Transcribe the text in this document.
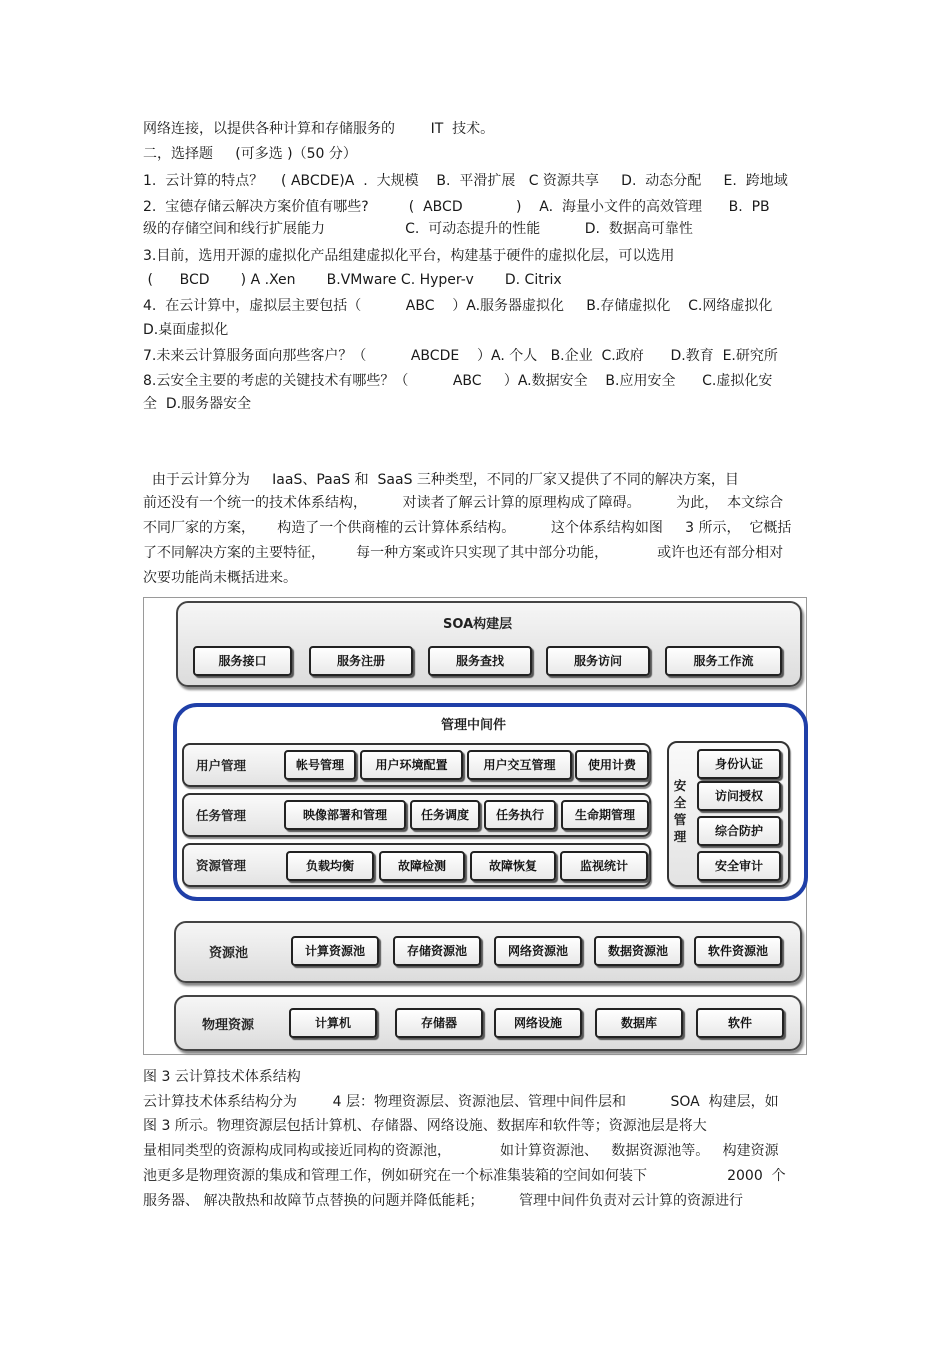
网络连接，以提供各种计算和存储服务的        IT  技术。
二，选择题     (可多选 )（50 分）
1.  云计算的特点？    ( ABCDE)A  .  大规模    B.  平滑扩展   C 资源共享     D.  动态分配     E.  跨地域
2.  宝德存储云解决方案价值有哪些?         (  ABCD            )    A.  海量小文件的高效管理      B.  PB
级的存储空间和线行扩展能力                  C.  可动态提升的性能          D.  数据高可靠性
3.目前，选用开源的虚拟化产品组建虚拟化平台，构建基于硬件的虚拟化层，可以选用
(      BCD       ) A .Xen       B.VMware C. Hyper-v       D. Citrix
4.  在云计算中，虚拟层主要包括（          ABC    ）A.服务器虚拟化     B.存储虚拟化    C.网络虚拟化
D.桌面虚拟化
7.未来云计算服务面向那些客户？（          ABCDE    ）A. 个人   B.企业  C.政府      D.教育  E.研究所
8.云安全主要的考虑的关键技术有哪些？（          ABC     ）A.数据安全    B.应用安全      C.虚拟化安
全  D.服务器安全
由于云计算分为     IaaS、PaaS 和  SaaS 三种类型，不同的厂家又提供了不同的解决方案，目
前还没有一个统一的技术体系结构，        对读者了解云计算的原理构成了障碍。        为此，  本文综合
不同厂家的方案，     构造了一个供商榷的云计算体系结构。        这个体系结构如图     3 所示，  它概括
了不同解决方案的主要特征，       每一种方案或许只实现了其中部分功能，           或许也还有部分相对
次要功能尚未概括进来。
SOA构建层
服务接口	服务注册	服务查找	服务访问	服务工作流
管理中间件
用户管理	帐号管理	用户环境配置	用户交互管理	使用计费
任务管理	映像部署和管理	任务调度	任务执行	生命期管理
资源管理	负载均衡	故障检测	故障恢复	监视统计
安
全
管
理
身份认证
访问授权
综合防护
安全审计
资源池	计算资源池	存储资源池	网络资源池	数据资源池	软件资源池
物理资源	计算机	存储器	网络设施	数据库	软件
图 3 云计算技术体系结构
云计算技术体系结构分为        4 层：物理资源层、资源池层、管理中间件层和          SOA  构建层，如
图 3 所示。物理资源层包括计算机、存储器、网络设施、数据库和软件等；资源池层是将大
量相同类型的资源构成同构或接近同构的资源池，           如计算资源池、   数据资源池等。   构建资源
池更多是物理资源的集成和管理工作，例如研究在一个标准集装箱的空间如何装下                  2000  个
服务器、 解决散热和故障节点替换的问题并降低能耗；        管理中间件负责对云计算的资源进行
